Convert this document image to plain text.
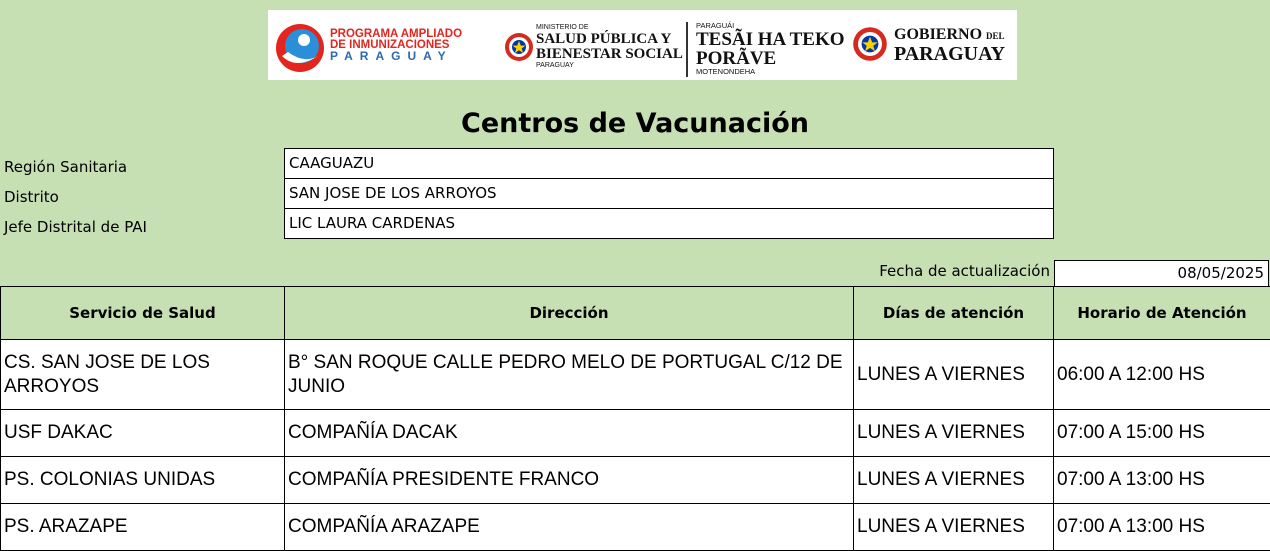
PROGRAMA AMPLIADO
DE INMUNIZACIONES
PARAGUAY
MINISTERIO DE
SALUD PÚBLICA Y
BIENESTAR SOCIAL
PARAGUAY
PARAGUÁI
TESÃI HA TEKO
PORÃVE
MOTENONDEHA
GOBIERNO DEL
PARAGUAY
Centros de Vacunación
Región Sanitaria	CAAGUAZU
Distrito	SAN JOSE DE LOS ARROYOS
Jefe Distrital de PAI	LIC LAURA CARDENAS
Fecha de actualización	08/05/2025
Servicio de Salud	Dirección	Días de atención	Horario de Atención
CS. SAN JOSE DE LOS ARROYOS	B° SAN ROQUE CALLE PEDRO MELO DE PORTUGAL C/12 DE JUNIO	LUNES A VIERNES	06:00 A 12:00 HS
USF DAKAC	COMPAÑÍA DACAK	LUNES A VIERNES	07:00 A 15:00 HS
PS. COLONIAS UNIDAS	COMPAÑÍA PRESIDENTE FRANCO	LUNES A VIERNES	07:00 A 13:00 HS
PS. ARAZAPE	COMPAÑÍA ARAZAPE	LUNES A VIERNES	07:00 A 13:00 HS
